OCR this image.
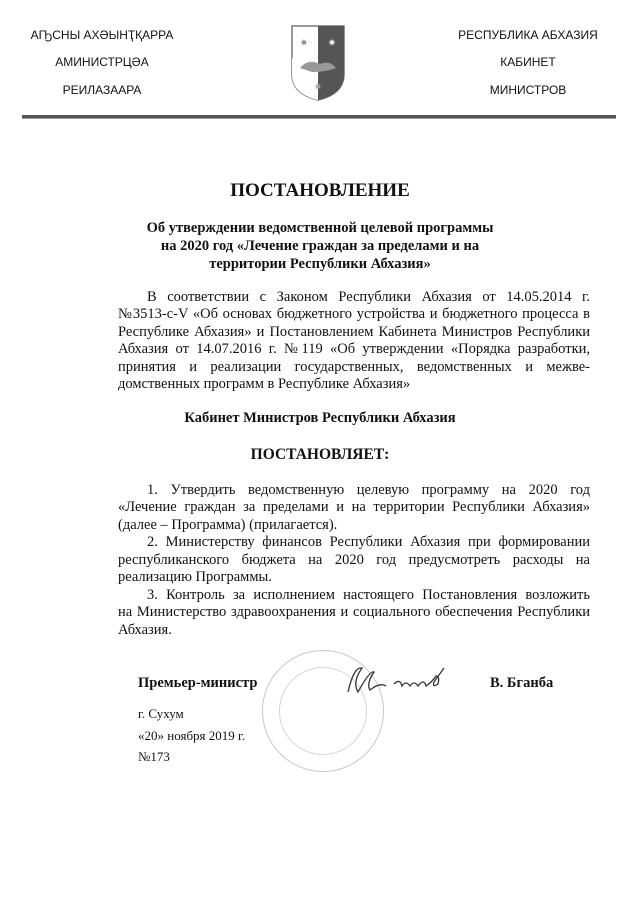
АҦСНЫ АХӘЫНҬҚАРРА
АМИНИСТРЦӘА
РЕИЛАЗААРА
✷ ✷
✷
РЕСПУБЛИКА АБХАЗИЯ
КАБИНЕТ
МИНИСТРОВ
ПОСТАНОВЛЕНИЕ
Об утверждении ведомственной целевой программы
на 2020 год «Лечение граждан за пределами и на
территории Республики Абхазия»
В соответствии с Законом Республики Абхазия от 14.05.2014 г.
№3513-с-V «Об основах бюджетного устройства и бюджетного процесса в
Республике Абхазия» и Постановлением Кабинета Министров Республики
Абхазия от 14.07.2016 г. №119 «Об утверждении «Порядка разработки,
принятия и реализации государственных, ведомственных и межве-
домственных программ в Республике Абхазия»
Кабинет Министров Республики Абхазия
ПОСТАНОВЛЯЕТ:
1. Утвердить ведомственную целевую программу на 2020 год
«Лечение граждан за пределами и на территории Республики Абхазия»
(далее – Программа) (прилагается).
2. Министерству финансов Республики Абхазия при формировании
республиканского бюджета на 2020 год предусмотреть расходы на
реализацию Программы.
3. Контроль за исполнением настоящего Постановления возложить
на Министерство здравоохранения и социального обеспечения Республики
Абхазия.
Премьер-министр	В. Бганба
г. Сухум
«20» ноября 2019 г.
№173
